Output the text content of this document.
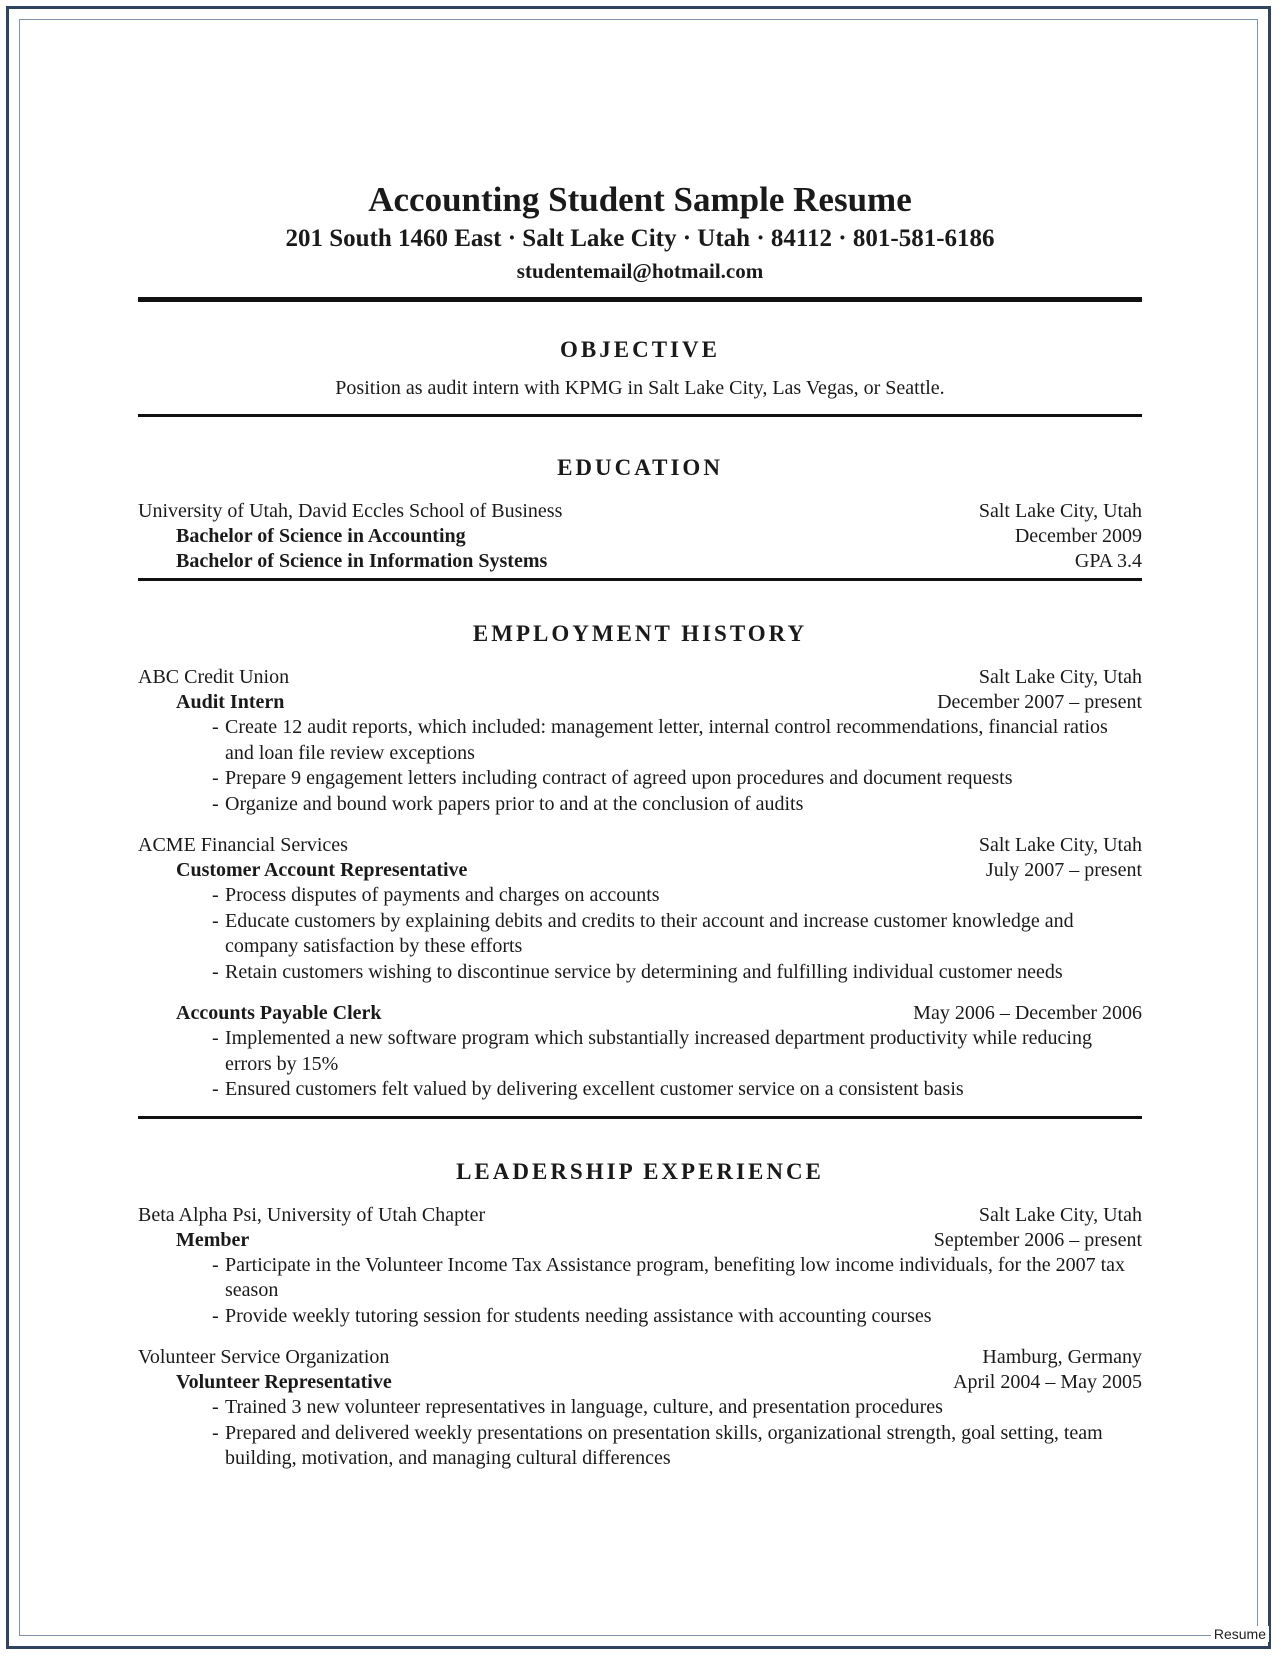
Accounting Student Sample Resume
201 South 1460 East · Salt Lake City · Utah · 84112 · 801-581-6186
studentemail@hotmail.com
OBJECTIVE
Position as audit intern with KPMG in Salt Lake City, Las Vegas, or Seattle.
EDUCATION
University of Utah, David Eccles School of Business	Salt Lake City, Utah
Bachelor of Science in Accounting	December 2009
Bachelor of Science in Information Systems	GPA 3.4
EMPLOYMENT HISTORY
ABC Credit Union	Salt Lake City, Utah
Audit Intern	December 2007 – present
- Create 12 audit reports, which included: management letter, internal control recommendations, financial ratios and loan file review exceptions
- Prepare 9 engagement letters including contract of agreed upon procedures and document requests
- Organize and bound work papers prior to and at the conclusion of audits
ACME Financial Services	Salt Lake City, Utah
Customer Account Representative	July 2007 – present
- Process disputes of payments and charges on accounts
- Educate customers by explaining debits and credits to their account and increase customer knowledge and company satisfaction by these efforts
- Retain customers wishing to discontinue service by determining and fulfilling individual customer needs
Accounts Payable Clerk	May 2006 – December 2006
- Implemented a new software program which substantially increased department productivity while reducing errors by 15%
- Ensured customers felt valued by delivering excellent customer service on a consistent basis
LEADERSHIP EXPERIENCE
Beta Alpha Psi, University of Utah Chapter	Salt Lake City, Utah
Member	September 2006 – present
- Participate in the Volunteer Income Tax Assistance program, benefiting low income individuals, for the 2007 tax season
- Provide weekly tutoring session for students needing assistance with accounting courses
Volunteer Service Organization	Hamburg, Germany
Volunteer Representative	April 2004 – May 2005
- Trained 3 new volunteer representatives in language, culture, and presentation procedures
- Prepared and delivered weekly presentations on presentation skills, organizational strength, goal setting, team building, motivation, and managing cultural differences
Resume
